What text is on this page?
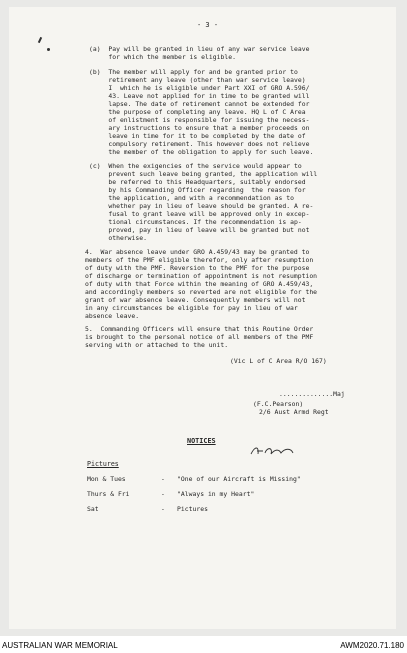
- 3 -
(a)  Pay will be granted in lieu of any war service leave
for which the member is eligible.
(b)  The member will apply for and be granted prior to
retirement any leave (other than war service leave)
I  which he is eligible under Part XXI of GRO A.596/
43. Leave not applied for in time to be granted will
lapse. The date of retirement cannot be extended for
the purpose of completing any leave. HQ L of C Area
of enlistment is responsible for issuing the necess-
ary instructions to ensure that a member proceeds on
leave in time for it to be completed by the date of
compulsory retirement. This however does not relieve
the member of the obligation to apply for such leave.
(c)  When the exigencies of the service would appear to
prevent such leave being granted, the application will
be referred to this Headquarters, suitably endorsed
by his Commanding Officer regarding  the reason for
the application, and with a recommendation as to
whether pay in lieu of leave should be granted. A re-
fusal to grant leave will be approved only in excep-
tional circumstances. If the recommendation is ap-
proved, pay in lieu of leave will be granted but not
otherwise.
4.  War absence leave under GRO A.459/43 may be granted to
members of the PMF eligible therefor, only after resumption
of duty with the PMF. Reversion to the PMF for the purpose
of discharge or termination of appointment is not resumption
of duty with that Force within the meaning of GRO A.459/43,
and accordingly members so reverted are not eligible for the
grant of war absence leave. Consequently members will not
in any circumstances be eligible for pay in lieu of war
absence leave.
5.  Commanding Officers will ensure that this Routine Order
is brought to the personal notice of all members of the PMF
serving with or attached to the unit.
(Vic L of C Area R/O 167)
..............Maj
(F.C.Pearson)
2/6 Aust Armd Regt
NOTICES
Pictures
Mon & Tues	- "One of our Aircraft is Missing"
Thurs & Fri	- "Always in my Heart"
Sat	- Pictures
AUSTRALIAN WAR MEMORIAL	AWM2020.71.180
